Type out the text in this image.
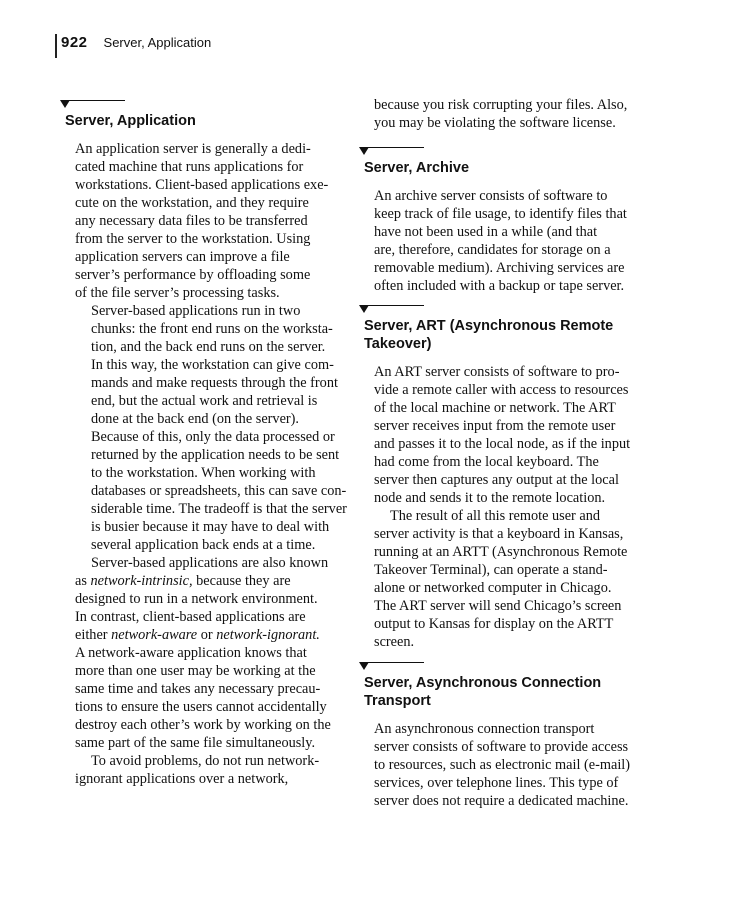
922 Server, Application
Server, Application

An application server is generally a dedi-
cated machine that runs applications for
workstations. Client-based applications exe-
cute on the workstation, and they require
any necessary data files to be transferred
from the server to the workstation. Using
application servers can improve a file
server’s performance by offloading some
of the file server’s processing tasks.

Server-based applications run in two
chunks: the front end runs on the worksta-
tion, and the back end runs on the server.
In this way, the workstation can give com-
mands and make requests through the front
end, but the actual work and retrieval is
done at the back end (on the server).
Because of this, only the data processed or
returned by the application needs to be sent
to the workstation. When working with
databases or spreadsheets, this can save con-
siderable time. The tradeoff is that the server
is busier because it may have to deal with
several application back ends at a time.

Server-based applications are also known
as network-intrinsic, because they are
designed to run in a network environment.
In contrast, client-based applications are
either network-aware or network-ignorant.
A network-aware application knows that
more than one user may be working at the
same time and takes any necessary precau-
tions to ensure the users cannot accidentally
destroy each other’s work by working on the
same part of the same file simultaneously.

To avoid problems, do not run network-
ignorant applications over a network,

because you risk corrupting your files. Also,
you may be violating the software license.
Server, Archive
An archive server consists of software to
keep track of file usage, to identify files that
have not been used in a while (and that
are, therefore, candidates for storage on a
removable medium). Archiving services are
often included with a backup or tape server.
Server, ART (Asynchronous Remote
Takeover)

An ART server consists of software to pro-
vide a remote caller with access to resources
of the local machine or network. The ART
server receives input from the remote user
and passes it to the local node, as if the input
had come from the local keyboard. The
server then captures any output at the local
node and sends it to the remote location.

The result of all this remote user and
server activity is that a keyboard in Kansas,
running at an ARTT (Asynchronous Remote
Takeover Terminal), can operate a stand-
alone or networked computer in Chicago.
The ART server will send Chicago’s screen
output to Kansas for display on the ARTT
screen.

Server, Asynchronous Connection
Transport
An asynchronous connection transport
server consists of software to provide access
to resources, such as electronic mail (e-mail)
services, over telephone lines. This type of
server does not require a dedicated machine.
